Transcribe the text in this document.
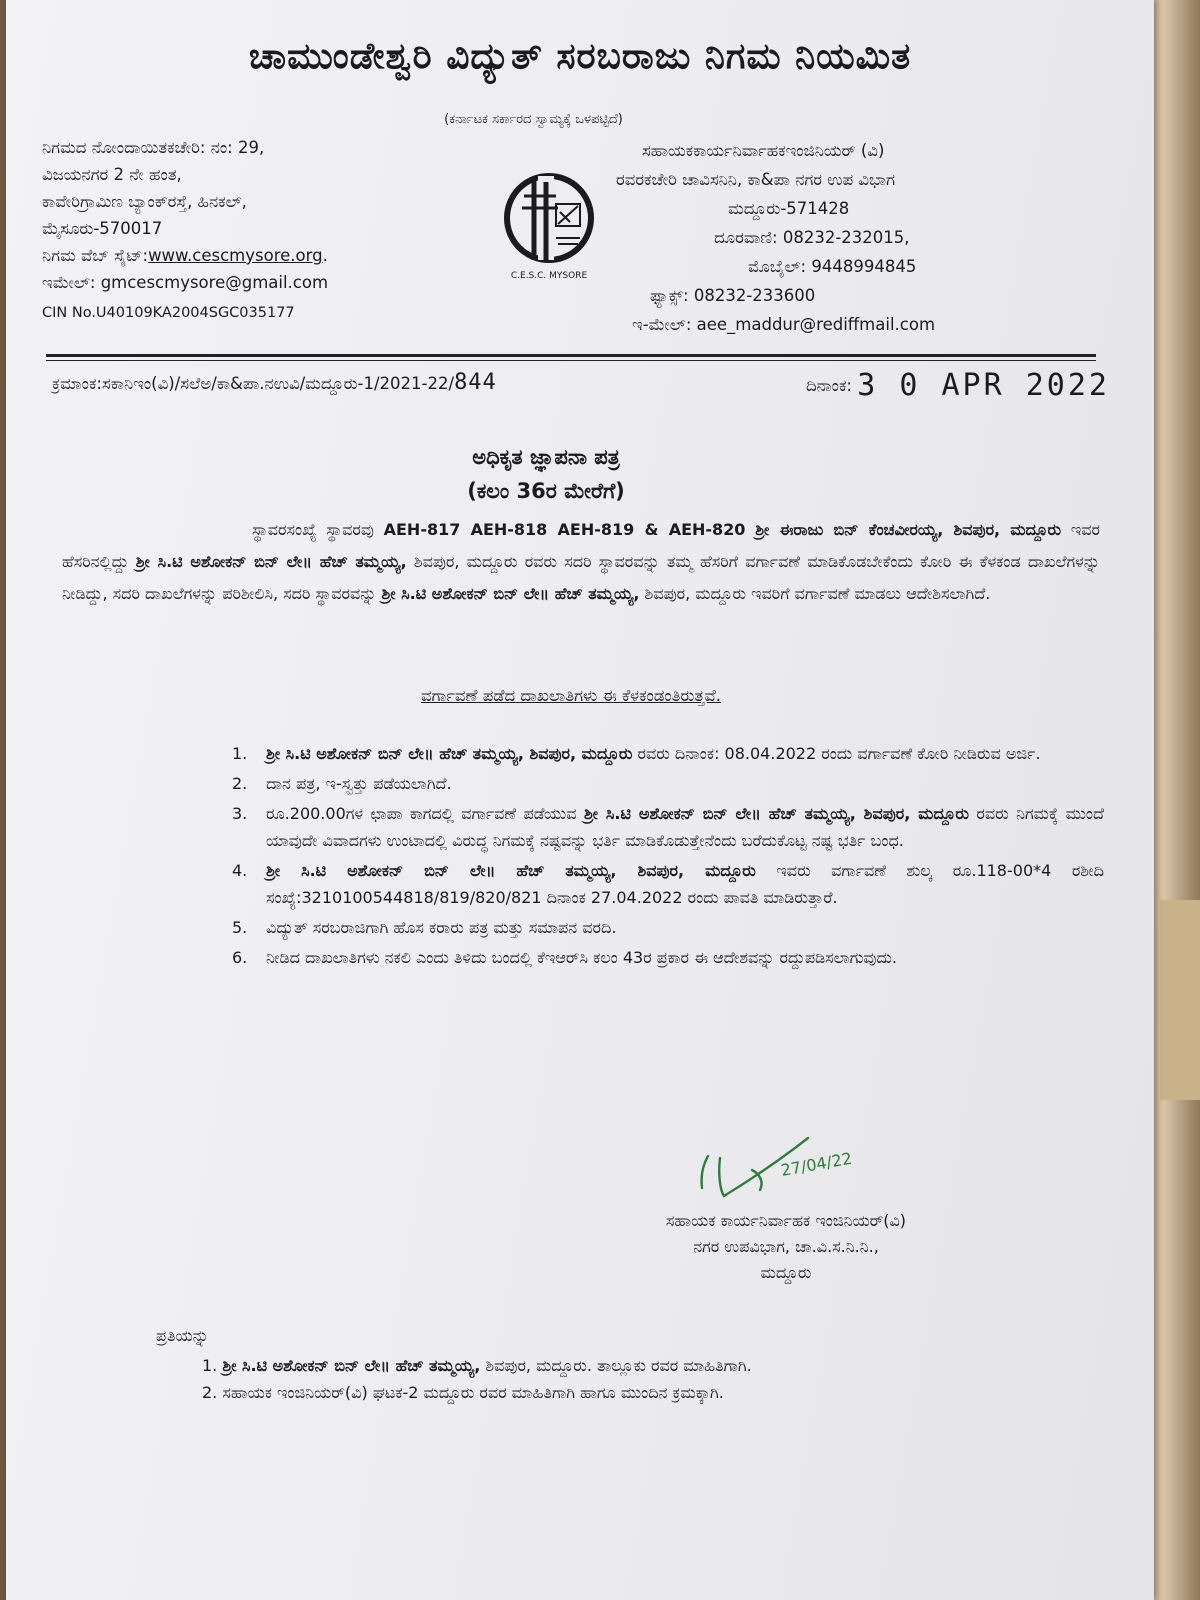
ಚಾಮುಂಡೇಶ್ವರಿ ವಿದ್ಯುತ್ ಸರಬರಾಜು ನಿಗಮ ನಿಯಮಿತ
(ಕರ್ನಾಟಕ ಸರ್ಕಾರದ ಸ್ವಾಮ್ಯಕ್ಕೆ ಒಳಪಟ್ಟಿದೆ)
ನಿಗಮದ ನೋಂದಾಯಿತಕಚೇರಿ: ನಂ: 29,
ವಿಜಯನಗರ 2 ನೇ ಹಂತ,
ಕಾವೇರಿಗ್ರಾಮಿಣ ಬ್ಯಾಂಕ್‌ರಸ್ತೆ, ಹಿನಕಲ್,
ಮೈಸೂರು-570017
ನಿಗಮ ವೆಬ್ ಸೈಟ್:www.cescmysore.org.
ಇಮೇಲ್: gmcescmysore@gmail.com
CIN No.U40109KA2004SGC035177
C.E.S.C. MYSORE
ಸಹಾಯಕಕಾರ್ಯನಿರ್ವಾಹಕಇಂಜಿನಿಯರ್ (ವಿ)
ರವರಕಚೇರಿ ಚಾವಿಸನಿನಿ, ಕಾ&ಪಾ ನಗರ ಉಪ ವಿಭಾಗ
ಮದ್ದೂರು-571428
ದೂರವಾಣಿ: 08232-232015,
ಮೊಬೈಲ್: 9448994845
ಫ್ಯಾಕ್ಸ್: 08232-233600
ಇ-ಮೇಲ್: aee_maddur@rediffmail.com
ಕ್ರಮಾಂಕ:ಸಕಾನಿಇಂ(ವಿ)/ಸಲೆಅ/ಕಾ&ಪಾ.ನಉವಿ/ಮದ್ದೂರು-1/2021-22/844	ದಿನಾಂಕ: 3 0 APR 2022
ಅಧಿಕೃತ ಜ್ಞಾಪನಾ ಪತ್ರ
(ಕಲಂ 36ರ ಮೇರೆಗೆ)

ಸ್ಥಾವರಸಂಖ್ಯೆ ಸ್ಥಾವರವು AEH-817 AEH-818 AEH-819 & AEH-820 ಶ್ರೀ ಈರಾಜು ಬಿನ್ ಕೆಂಚವೀರಯ್ಯ, ಶಿವಪುರ, ಮದ್ದೂರು ಇವರ ಹೆಸರಿನಲ್ಲಿದ್ದು ಶ್ರೀ ಸಿ.ಟಿ ಅಶೋಕನ್ ಬಿನ್ ಲೇ॥ ಹೆಚ್ ತಮ್ಮಯ್ಯ, ಶಿವಪುರ, ಮದ್ದೂರು ರವರು ಸದರಿ ಸ್ಥಾವರವನ್ನು ತಮ್ಮ ಹೆಸರಿಗೆ ವರ್ಗಾವಣೆ ಮಾಡಿಕೊಡಬೇಕೆಂದು ಕೋರಿ ಈ ಕೆಳಕಂಡ ದಾಖಲೆಗಳನ್ನು ನೀಡಿದ್ದು, ಸದರಿ ದಾಖಲೆಗಳನ್ನು ಪರಿಶೀಲಿಸಿ, ಸದರಿ ಸ್ಥಾವರವನ್ನು ಶ್ರೀ ಸಿ.ಟಿ ಅಶೋಕನ್ ಬಿನ್ ಲೇ॥ ಹೆಚ್ ತಮ್ಮಯ್ಯ, ಶಿವಪುರ, ಮದ್ದೂರು ಇವರಿಗೆ ವರ್ಗಾವಣೆ ಮಾಡಲು ಆದೇಶಿಸಲಾಗಿದೆ.

ವರ್ಗಾವಣೆ ಪಡೆದ ದಾಖಲಾತಿಗಳು ಈ ಕೆಳಕಂಡಂತಿರುತ್ತವೆ.
1.	ಶ್ರೀ ಸಿ.ಟಿ ಅಶೋಕನ್ ಬಿನ್ ಲೇ॥ ಹೆಚ್ ತಮ್ಮಯ್ಯ, ಶಿವಪುರ, ಮದ್ದೂರು ರವರು ದಿನಾಂಕ: 08.04.2022 ರಂದು ವರ್ಗಾವಣೆ ಕೋರಿ ನೀಡಿರುವ ಅರ್ಜಿ.
2.	ದಾನ ಪತ್ರ, ಇ-ಸ್ವತ್ತು ಪಡೆಯಲಾಗಿದೆ.
3.	ರೂ.200.00ಗಳ ಛಾಪಾ ಕಾಗದಲ್ಲಿ ವರ್ಗಾವಣೆ ಪಡೆಯುವ ಶ್ರೀ ಸಿ.ಟಿ ಅಶೋಕನ್ ಬಿನ್ ಲೇ॥ ಹೆಚ್ ತಮ್ಮಯ್ಯ, ಶಿವಪುರ, ಮದ್ದೂರು ರವರು ನಿಗಮಕ್ಕೆ ಮುಂದೆ ಯಾವುದೇ ವಿವಾದಗಳು ಉಂಟಾದಲ್ಲಿ ವಿರುದ್ಧ ನಿಗಮಕ್ಕೆ ನಷ್ಟವನ್ನು ಭರ್ತಿ ಮಾಡಿಕೊಡುತ್ತೇನೆಂದು ಬರೆದುಕೊಟ್ಟ ನಷ್ಟ ಭರ್ತಿ ಬಂಧ.
4.	ಶ್ರೀ ಸಿ.ಟಿ ಅಶೋಕನ್ ಬಿನ್ ಲೇ॥ ಹೆಚ್ ತಮ್ಮಯ್ಯ, ಶಿವಪುರ, ಮದ್ದೂರು ಇವರು ವರ್ಗಾವಣೆ ಶುಲ್ಕ ರೂ.118-00*4 ರಶೀದಿ ಸಂಖ್ಯೆ:3210100544818/819/820/821 ದಿನಾಂಕ 27.04.2022 ರಂದು ಪಾವತಿ ಮಾಡಿರುತ್ತಾರೆ.
5.	ವಿದ್ಯುತ್ ಸರಬರಾಜಿಗಾಗಿ ಹೊಸ ಕರಾರು ಪತ್ರ ಮತ್ತು ಸಮಾಪನ ವರದಿ.
6.	ನೀಡಿದ ದಾಖಲಾತಿಗಳು ನಕಲಿ ಎಂದು ತಿಳಿದು ಬಂದಲ್ಲಿ ಕೆಇಆರ್‌ಸಿ ಕಲಂ 43ರ ಪ್ರಕಾರ ಈ ಆದೇಶವನ್ನು ರದ್ದುಪಡಿಸಲಾಗುವುದು.
27/04/22
ಸಹಾಯಕ ಕಾರ್ಯನಿರ್ವಾಹಕ ಇಂಜಿನಿಯರ್(ವಿ)
ನಗರ ಉಪವಿಭಾಗ, ಚಾ.ವಿ.ಸ.ನಿ.ನಿ.,
ಮದ್ದೂರು
ಪ್ರತಿಯನ್ನು
1. ಶ್ರೀ ಸಿ.ಟಿ ಅಶೋಕನ್ ಬಿನ್ ಲೇ॥ ಹೆಚ್ ತಮ್ಮಯ್ಯ, ಶಿವಪುರ, ಮದ್ದೂರು. ತಾಲ್ಲೂಕು ರವರ ಮಾಹಿತಿಗಾಗಿ.
2. ಸಹಾಯಕ ಇಂಜಿನಿಯರ್(ವಿ) ಘಟಕ-2 ಮದ್ದೂರು ರವರ ಮಾಹಿತಿಗಾಗಿ ಹಾಗೂ ಮುಂದಿನ ಕ್ರಮಕ್ಕಾಗಿ.
